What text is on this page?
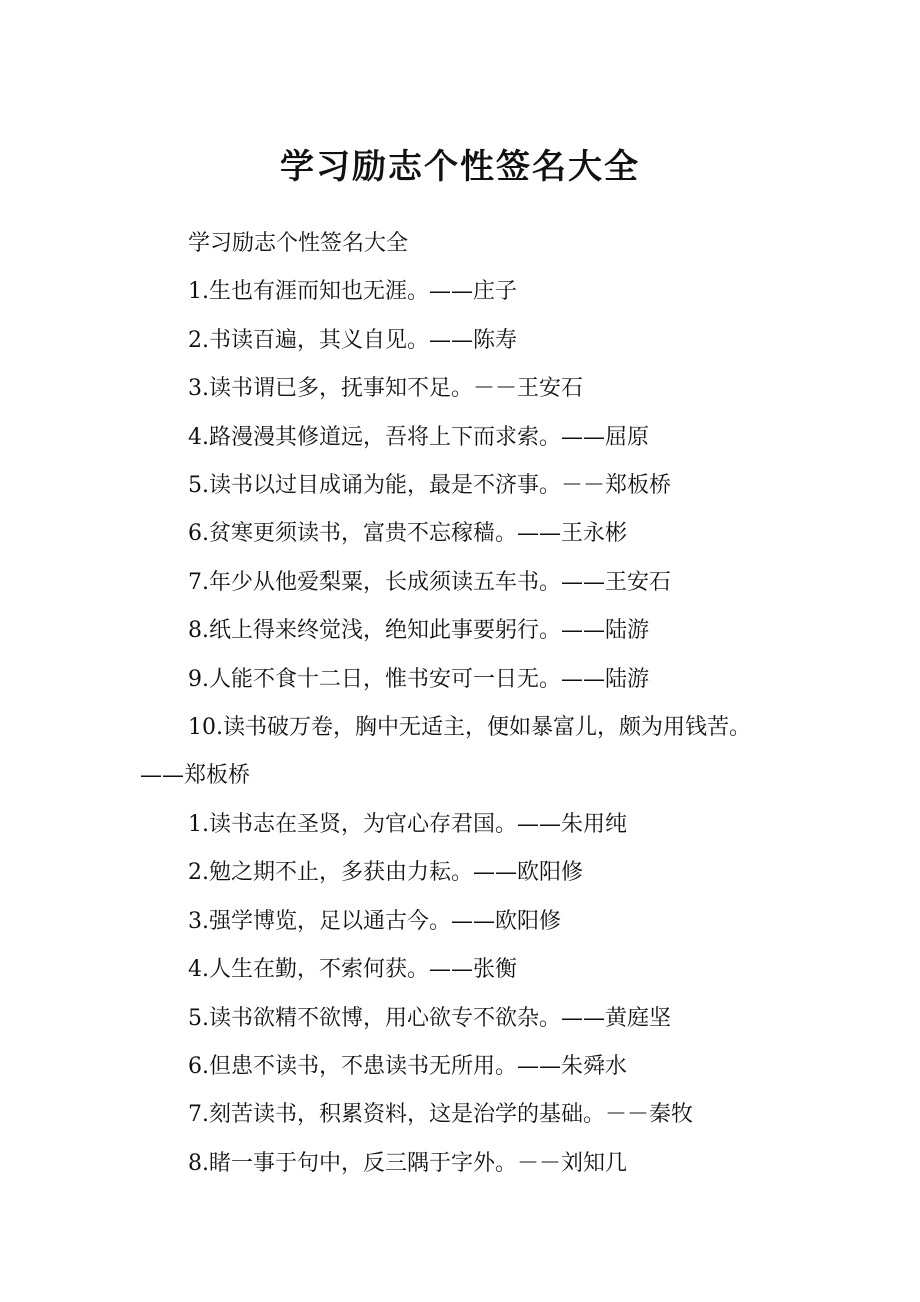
学习励志个性签名大全

学习励志个性签名大全

1.生也有涯而知也无涯。——庄子

2.书读百遍，其义自见。——陈寿

3.读书谓已多，抚事知不足。－－王安石

4.路漫漫其修道远，吾将上下而求索。——屈原

5.读书以过目成诵为能，最是不济事。－－郑板桥

6.贫寒更须读书，富贵不忘稼穑。——王永彬

7.年少从他爱梨粟，长成须读五车书。——王安石

8.纸上得来终觉浅，绝知此事要躬行。——陆游

9.人能不食十二日，惟书安可一日无。——陆游

10.读书破万卷，胸中无适主，便如暴富儿，颇为用钱苦。——郑板桥

1.读书志在圣贤，为官心存君国。——朱用纯

2.勉之期不止，多获由力耘。——欧阳修

3.强学博览，足以通古今。——欧阳修

4.人生在勤，不索何获。——张衡

5.读书欲精不欲博，用心欲专不欲杂。——黄庭坚

6.但患不读书，不患读书无所用。——朱舜水

7.刻苦读书，积累资料，这是治学的基础。－－秦牧

8.睹一事于句中，反三隅于字外。－－刘知几
